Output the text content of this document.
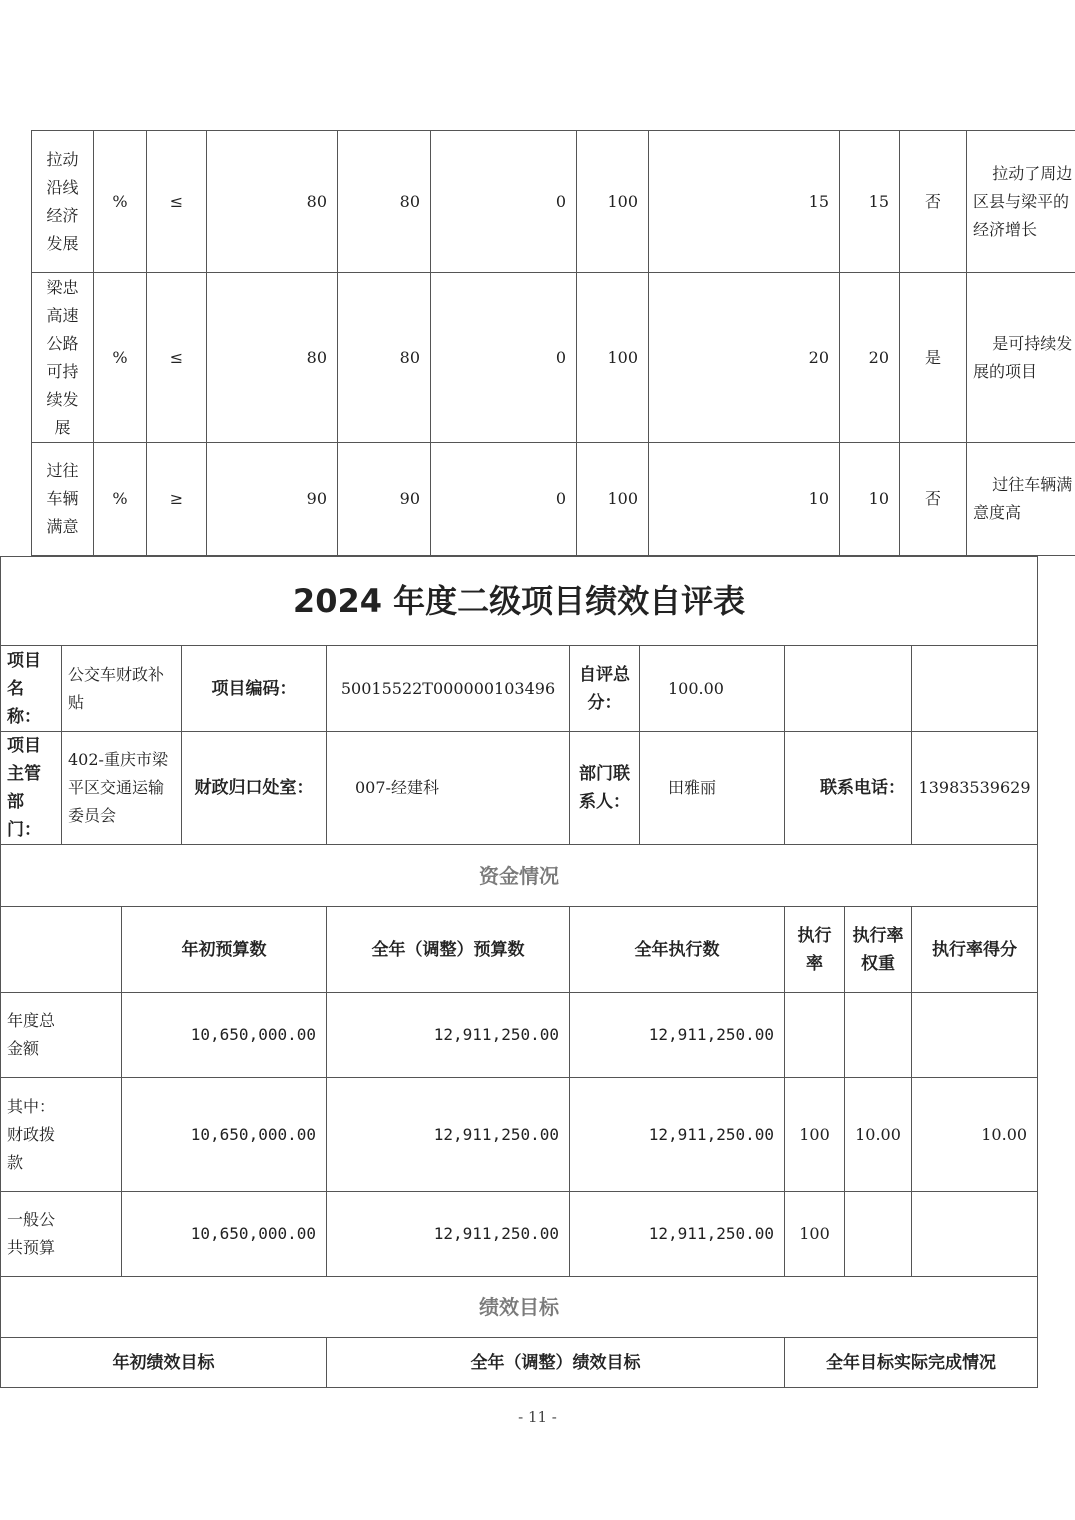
拉动沿线经济发展	%	≤	80	80	0	100	15	15	否	拉动了周边区县与梁平的经济增长
梁忠高速公路可持续发展	%	≤	80	80	0	100	20	20	是	是可持续发展的项目
过往车辆满意	%	≥	90	90	0	100	10	10	否	过往车辆满意度高
2024 年度二级项目绩效自评表									
项目名称：	公交车财政补贴		项目编码：	50015522T000000103496	自评总分：	100.00			
项目主管部门：	402-重庆市梁平区交通运输委员会		财政归口处室：	007-经建科	部门联系人：	田雅丽	联系电话：		13983539629
资金情况									
		年初预算数		全年（调整）预算数	全年执行数		执行率	执行率权重	执行率得分
年度总金额		10,650,000.00		12,911,250.00	12,911,250.00				
其中：财政拨款		10,650,000.00		12,911,250.00	12,911,250.00		100	10.00	10.00
一般公共预算		10,650,000.00		12,911,250.00	12,911,250.00		100		
绩效目标									
年初绩效目标				全年（调整）绩效目标			全年目标实际完成情况		
- 11 -
